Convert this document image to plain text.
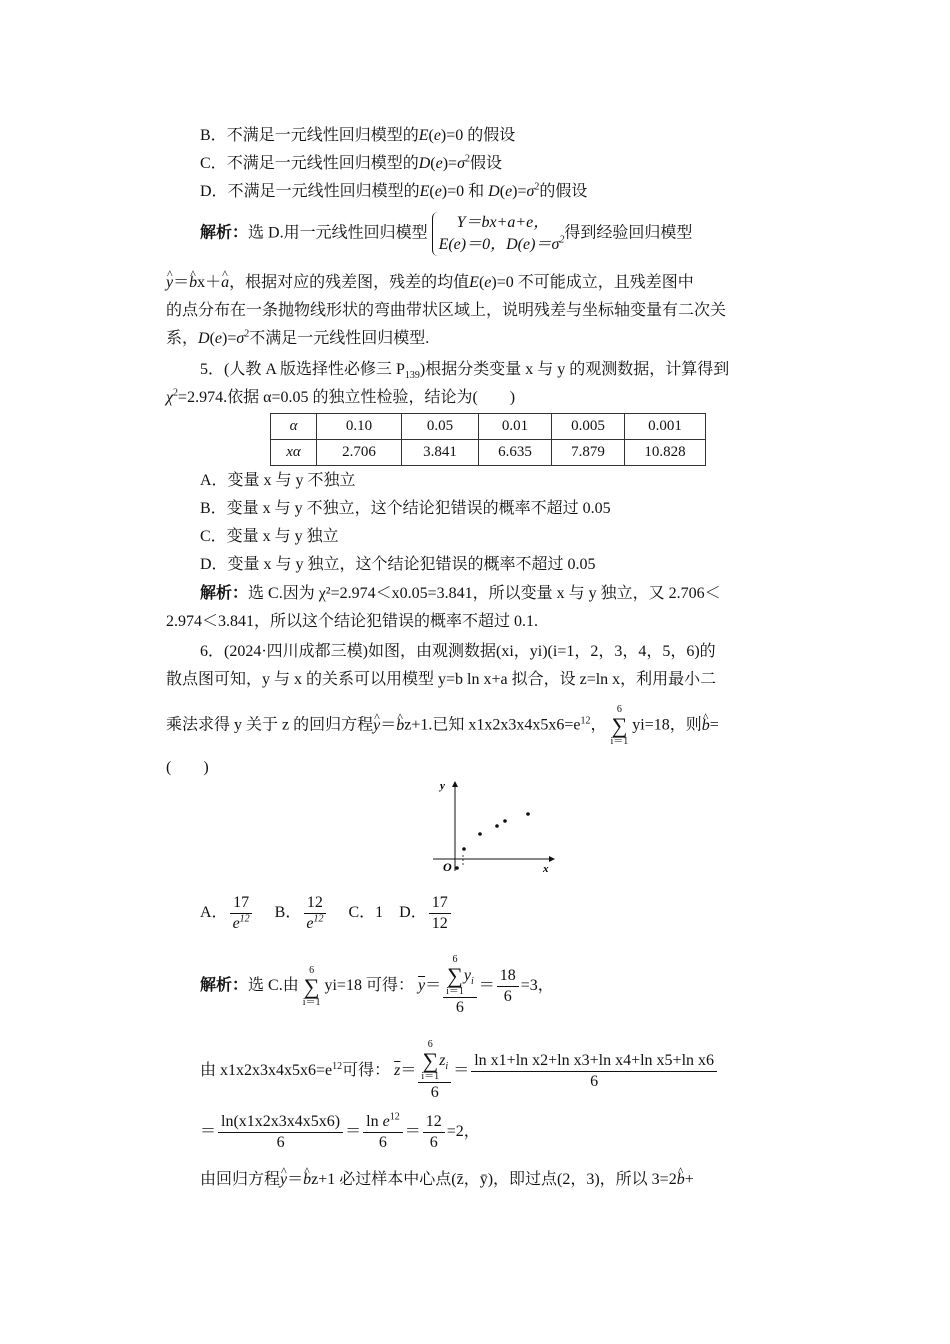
B．不满足一元线性回归模型的E(e)=0 的假设
C．不满足一元线性回归模型的$D(e)=\sigma^2$假设
D．不满足一元线性回归模型的E(e)=0 和 $D(e)=\sigma^2$的假设
解析：选 D.用一元线性回归模型
Y＝bx+a+e，
E(e)＝0，$D(e)=\sigma^2$ 得到经验回归模型
^ y＝^ bx＋^ a，根据对应的残差图，残差的均值E(e)=0 不可能成立，且残差图中
的点分布在一条抛物线形状的弯曲带状区域上，说明残差与坐标轴变量有二次关
系，$D(e)=\sigma^2$不满足一元线性回归模型.
5．(人教 A 版选择性必修三 $P_{139}$)根据分类变量 x 与 y 的观测数据，计算得到
$\chi^2=2.974$.依据 α=0.05 的独立性检验，结论为(　　)
α	0.10	0.05	0.01	0.005	0.001
xα	2.706	3.841	6.635	7.879	10.828
A．变量 x 与 y 不独立
B．变量 x 与 y 不独立，这个结论犯错误的概率不超过 0.05
C．变量 x 与 y 独立
D．变量 x 与 y 独立，这个结论犯错误的概率不超过 0.05
解析：选 C.因为 χ²=2.974＜x0.05=3.841，所以变量 x 与 y 独立，又 2.706＜
2.974＜3.841，所以这个结论犯错误的概率不超过 0.1.
6．(2024·四川成都三模)如图，由观测数据(xi，yi)(i=1，2，3，4，5，6)的
散点图可知，y 与 x 的关系可以用模型 y=b ln x+a 拟合，设 z=ln x，利用最小二
乘法求得 y 关于 z 的回归方程^ y＝^ bz+1.已知 $x1x2x3x4x5x6=e^{12}$，
6
∑
i＝1
yi=18，则^ b=
(　　)
y
x
O
A． $\frac{17}{e^{12}}$ B． $\frac{12}{e^{12}}$ C．1 D． $\frac{17}{12}$
解析：选 C.由
6
∑
i＝1
yi=18 可得： $\overline{y}= 6$
∑
i＝1
$y_i$
$6 = \frac{18}{6} =3$，
由 $x1x2x3x4x5x6=e^{12}$可得： $\overline{z}= 6$
∑
i＝1
$z_i$
$6 = \frac{\text{ln x1+ln x2+ln x3+ln x4+ln x5+ln x6}}{6}$
＝ $\frac{\ln(x1x2x3x4x5x6)}{6} = \frac{\ln e^{12}}{6} = \frac{12}{6} =2$，
由回归方程^ y＝^ bz+1 必过样本中心点(z̄，ȳ)，即过点(2，3)，所以 3=2^ b+
